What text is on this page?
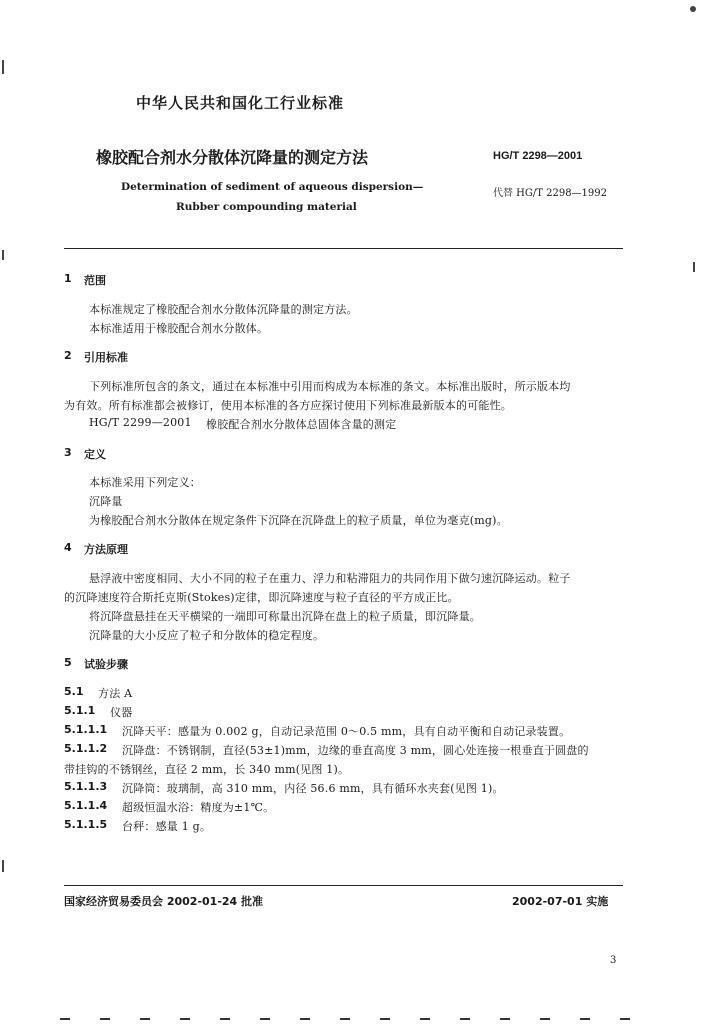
中华人民共和国化工行业标准
橡胶配合剂水分散体沉降量的测定方法	HG/T 2298—2001
Determination of sediment of aqueous dispersion—
Rubber compounding material
代替 HG/T 2298—1992
1 范围
本标准规定了橡胶配合剂水分散体沉降量的测定方法。
本标准适用于橡胶配合剂水分散体。
2 引用标准
下列标准所包含的条文，通过在本标准中引用而构成为本标准的条文。本标准出版时，所示版本均
为有效。所有标准都会被修订，使用本标准的各方应探讨使用下列标准最新版本的可能性。
HG/T 2299—2001 橡胶配合剂水分散体总固体含量的测定
3 定义
本标准采用下列定义：
沉降量
为橡胶配合剂水分散体在规定条件下沉降在沉降盘上的粒子质量，单位为毫克(mg)。
4 方法原理
悬浮液中密度相同、大小不同的粒子在重力、浮力和粘滞阻力的共同作用下做匀速沉降运动。粒子
的沉降速度符合斯托克斯(Stokes)定律，即沉降速度与粒子直径的平方成正比。
将沉降盘悬挂在天平横梁的一端即可称量出沉降在盘上的粒子质量，即沉降量。
沉降量的大小反应了粒子和分散体的稳定程度。
5 试验步骤
5.1 方法 A
5.1.1 仪器
5.1.1.1 沉降天平：感量为 0.002 g，自动记录范围 0～0.5 mm，具有自动平衡和自动记录装置。
5.1.1.2 沉降盘：不锈钢制，直径(53±1)mm，边缘的垂直高度 3 mm，圆心处连接一根垂直于圆盘的
带挂钩的不锈钢丝，直径 2 mm，长 340 mm(见图 1)。
5.1.1.3 沉降筒：玻璃制，高 310 mm，内径 56.6 mm，具有循环水夹套(见图 1)。
5.1.1.4 超级恒温水浴：精度为±1℃。
5.1.1.5 台秤：感量 1 g。
国家经济贸易委员会 2002-01-24 批准	2002-07-01 实施
3
